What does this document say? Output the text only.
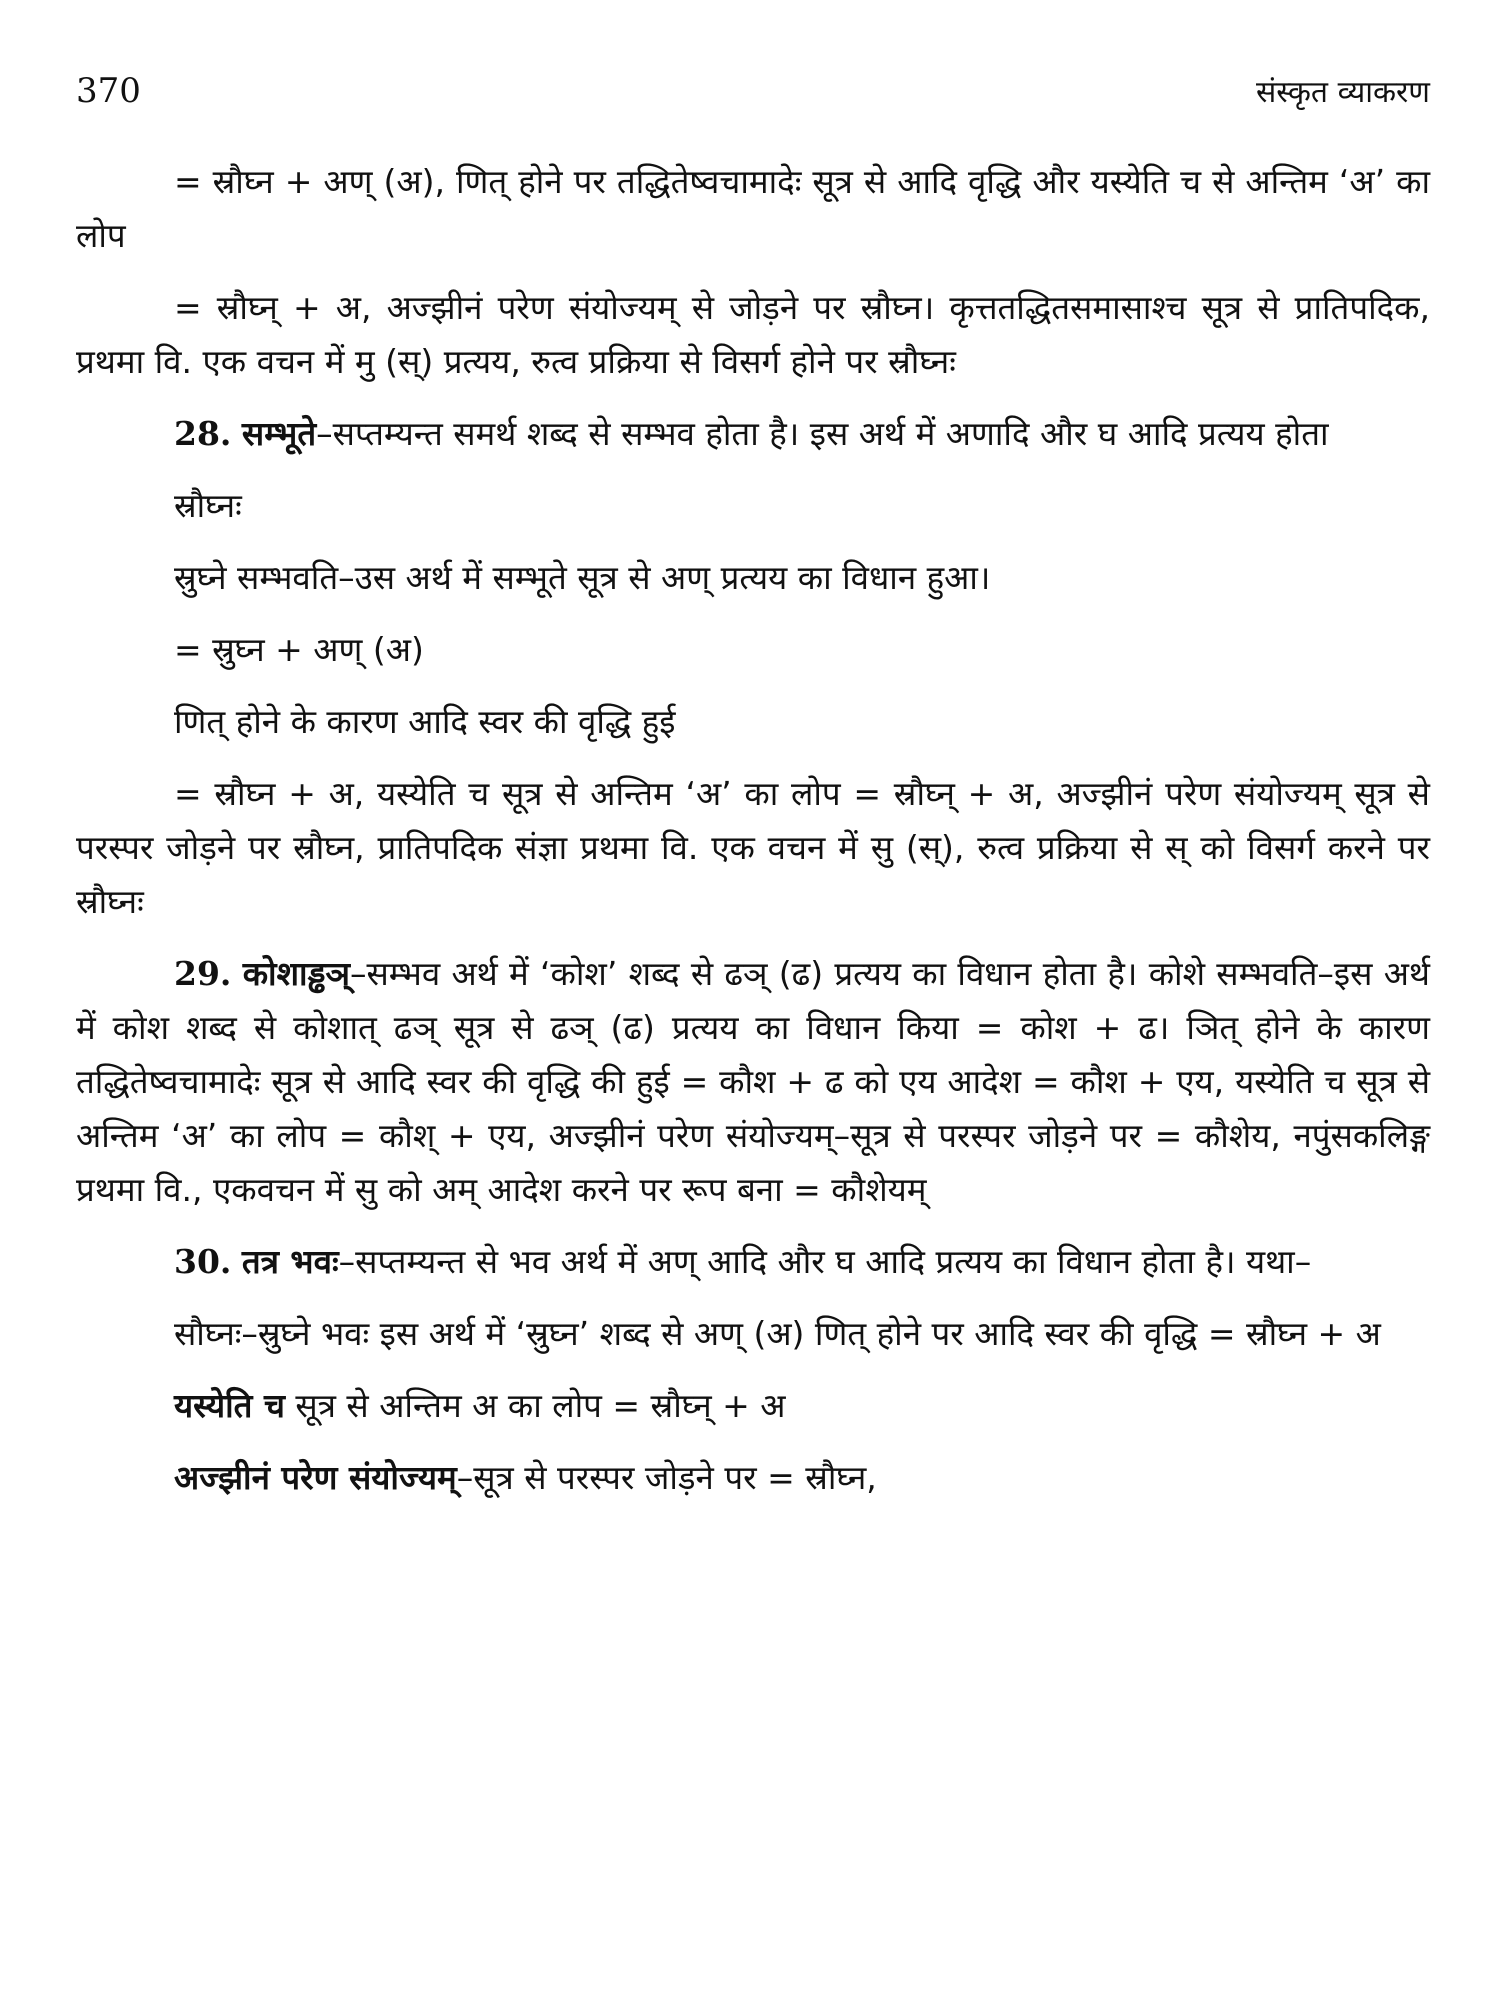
370	संस्कृत व्याकरण

= स्रौघ्न + अण् (अ), णित् होने पर तद्धितेष्वचामादेः सूत्र से आदि वृद्धि और यस्येति च से अन्तिम ‘अ’ का लोप

= स्रौघ्न् + अ, अज्झीनं परेण संयोज्यम् से जोड़ने पर स्रौघ्न। कृत्ततद्धितसमासाश्च सूत्र से प्रातिपदिक, प्रथमा वि. एक वचन में मु (स्) प्रत्यय, रुत्व प्रक्रिया से विसर्ग होने पर स्रौघ्नः

28. सम्भूते–सप्तम्यन्त समर्थ शब्द से सम्भव होता है। इस अर्थ में अणादि और घ आदि प्रत्यय होता

स्रौघ्नः

स्रुघ्ने सम्भवति–उस अर्थ में सम्भूते सूत्र से अण् प्रत्यय का विधान हुआ।

= स्रुघ्न + अण् (अ)

णित् होने के कारण आदि स्वर की वृद्धि हुई

= स्रौघ्न + अ, यस्येति च सूत्र से अन्तिम ‘अ’ का लोप = स्रौघ्न् + अ, अज्झीनं परेण संयोज्यम् सूत्र से परस्पर जोड़ने पर स्रौघ्न, प्रातिपदिक संज्ञा प्रथमा वि. एक वचन में सु (स्), रुत्व प्रक्रिया से स् को विसर्ग करने पर स्रौघ्नः

29. कोशाड्ढञ्–सम्भव अर्थ में ‘कोश’ शब्द से ढञ् (ढ) प्रत्यय का विधान होता है। कोशे सम्भवति–इस अर्थ में कोश शब्द से कोशात् ढञ् सूत्र से ढञ् (ढ) प्रत्यय का विधान किया = कोश + ढ। ञित् होने के कारण तद्धितेष्वचामादेः सूत्र से आदि स्वर की वृद्धि की हुई = कौश + ढ को एय आदेश = कौश + एय, यस्येति च सूत्र से अन्तिम ‘अ’ का लोप = कौश् + एय, अज्झीनं परेण संयोज्यम्–सूत्र से परस्पर जोड़ने पर = कौशेय, नपुंसकलिङ्ग प्रथमा वि., एकवचन में सु को अम् आदेश करने पर रूप बना = कौशेयम्

30. तत्र भवः–सप्तम्यन्त से भव अर्थ में अण् आदि और घ आदि प्रत्यय का विधान होता है। यथा–

सौघ्नः–स्रुघ्ने भवः इस अर्थ में ‘स्रुघ्न’ शब्द से अण् (अ) णित् होने पर आदि स्वर की वृद्धि = स्रौघ्न + अ

यस्येति च सूत्र से अन्तिम अ का लोप = स्रौघ्न् + अ

अज्झीनं परेण संयोज्यम्–सूत्र से परस्पर जोड़ने पर = स्रौघ्न,
